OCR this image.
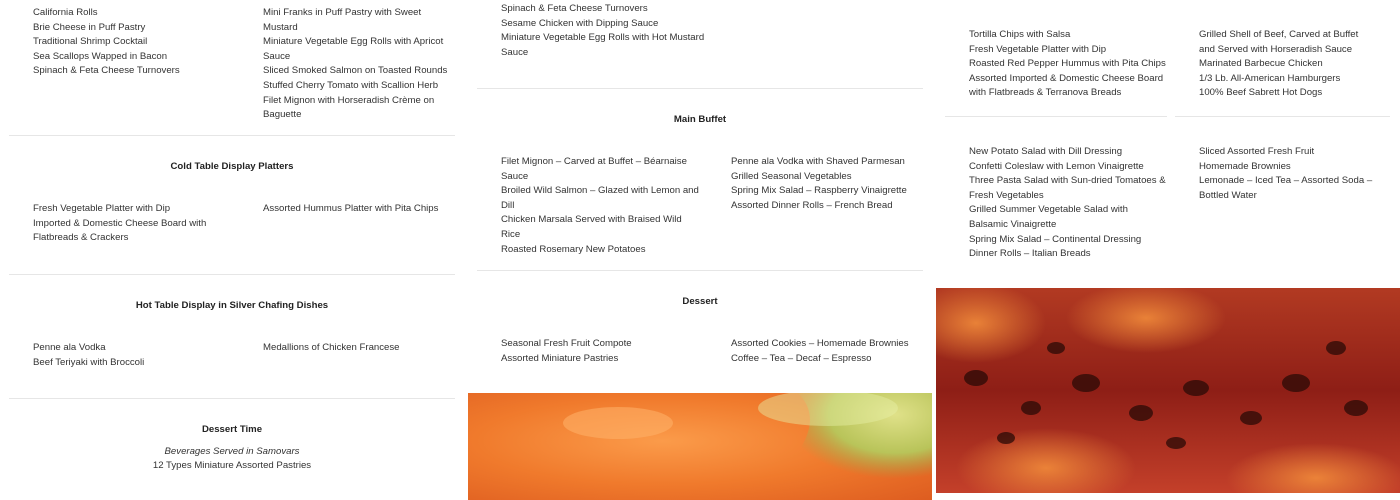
California Rolls
Brie Cheese in Puff Pastry
Traditional Shrimp Cocktail
Sea Scallops Wapped in Bacon
Spinach & Feta Cheese Turnovers
Mini Franks in Puff Pastry with Sweet Mustard
Miniature Vegetable Egg Rolls with Apricot Sauce
Sliced Smoked Salmon on Toasted Rounds
Stuffed Cherry Tomato with Scallion Herb
Filet Mignon with Horseradish Crème on Baguette
Cold Table Display Platters
Fresh Vegetable Platter with Dip
Imported & Domestic Cheese Board with Flatbreads & Crackers
Assorted Hummus Platter with Pita Chips
Hot Table Display in Silver Chafing Dishes
Penne ala Vodka
Beef Teriyaki with Broccoli
Medallions of Chicken Francese
Dessert Time
Beverages Served in Samovars
12 Types Miniature Assorted Pastries
Spinach & Feta Cheese Turnovers
Sesame Chicken with Dipping Sauce
Miniature Vegetable Egg Rolls with Hot Mustard Sauce
Main Buffet
Filet Mignon – Carved at Buffet – Béarnaise Sauce
Broiled Wild Salmon – Glazed with Lemon and Dill
Chicken Marsala Served with Braised Wild Rice
Roasted Rosemary New Potatoes
Penne ala Vodka with Shaved Parmesan
Grilled Seasonal Vegetables
Spring Mix Salad – Raspberry Vinaigrette
Assorted Dinner Rolls – French Bread
Dessert
Seasonal Fresh Fruit Compote
Assorted Miniature Pastries
Assorted Cookies – Homemade Brownies
Coffee – Tea – Decaf – Espresso
Tortilla Chips with Salsa
Fresh Vegetable Platter with Dip
Roasted Red Pepper Hummus with Pita Chips
Assorted Imported & Domestic Cheese Board with Flatbreads & Terranova Breads
Grilled Shell of Beef, Carved at Buffet and Served with Horseradish Sauce
Marinated Barbecue Chicken
1/3 Lb. All-American Hamburgers
100% Beef Sabrett Hot Dogs
New Potato Salad with Dill Dressing
Confetti Coleslaw with Lemon Vinaigrette
Three Pasta Salad with Sun-dried Tomatoes & Fresh Vegetables
Grilled Summer Vegetable Salad with Balsamic Vinaigrette
Spring Mix Salad – Continental Dressing
Dinner Rolls – Italian Breads
Sliced Assorted Fresh Fruit
Homemade Brownies
Lemonade – Iced Tea – Assorted Soda – Bottled Water
